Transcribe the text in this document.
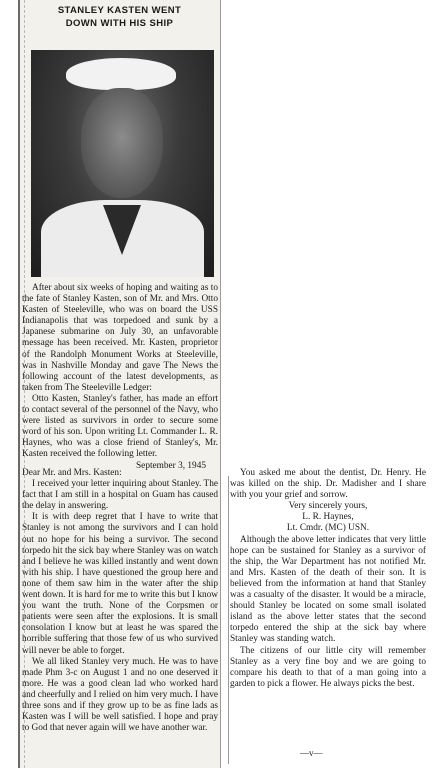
STANLEY KASTEN WENT
DOWN WITH HIS SHIP

After about six weeks of hoping and waiting as to the fate of Stanley Kasten, son of Mr. and Mrs. Otto Kasten of Steeleville, who was on board the USS Indianapolis that was torpedoed and sunk by a Japanese submarine on July 30, an unfavorable message has been received. Mr. Kasten, proprietor of the Randolph Monument Works at Steeleville, was in Nashville Monday and gave The News the following account of the latest developments, as taken from The Steeleville Ledger:

Otto Kasten, Stanley's father, has made an effort to contact several of the personnel of the Navy, who were listed as survivors in order to secure some word of his son. Upon writing Lt. Commander L. R. Haynes, who was a close friend of Stanley's, Mr. Kasten received the following letter.

September 3, 1945

Dear Mr. and Mrs. Kasten:

I received your letter inquiring about Stanley. The fact that I am still in a hospital on Guam has caused the delay in answering.

It is with deep regret that I have to write that Stanley is not among the survivors and I can hold out no hope for his being a survivor. The second torpedo hit the sick bay where Stanley was on watch and I believe he was killed instantly and went down with his ship. I have questioned the group here and none of them saw him in the water after the ship went down. It is hard for me to write this but I know you want the truth. None of the Corpsmen or patients were seen after the explosions. It is small consolation I know but at least he was spared the horrible suffering that those few of us who survived will never be able to forget.

We all liked Stanley very much. He was to have made Phm 3-c on August 1 and no one deserved it more. He was a good clean lad who worked hard and cheerfully and I relied on him very much. I have three sons and if they grow up to be as fine lads as Kasten was I will be well satisfied. I hope and pray to God that never again will we have another war.

You asked me about the dentist, Dr. Henry. He was killed on the ship. Dr. Madisher and I share with you your grief and sorrow.

Very sincerely yours,

L. R. Haynes,

Lt. Cmdr. (MC) USN.

Although the above letter indicates that very little hope can be sustained for Stanley as a survivor of the ship, the War Department has not notified Mr. and Mrs. Kasten of the death of their son. It is believed from the information at hand that Stanley was a casualty of the disaster. It would be a miracle, should Stanley be located on some small isolated island as the above letter states that the second torpedo entered the ship at the sick bay where Stanley was standing watch.

The citizens of our little city will remember Stanley as a very fine boy and we are going to compare his death to that of a man going into a garden to pick a flower. He always picks the best.

—v—
